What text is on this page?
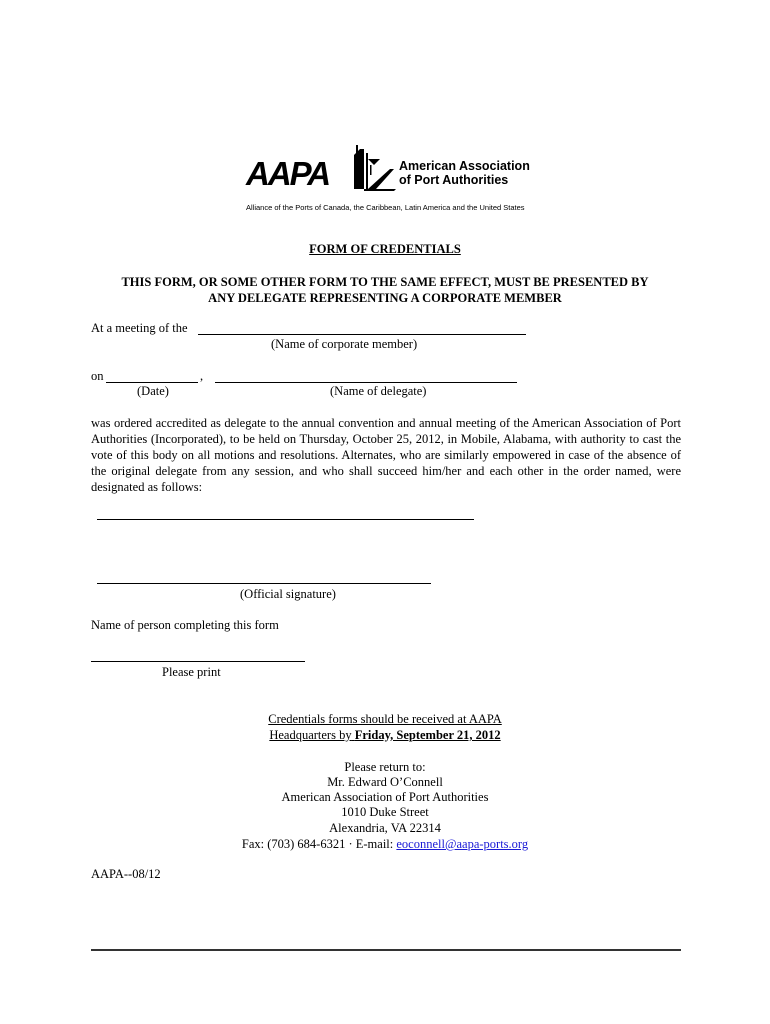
AAPA	American Association
of Port Authorities
Alliance of the Ports of Canada, the Caribbean, Latin America and the United States
FORM OF CREDENTIALS
THIS FORM, OR SOME OTHER FORM TO THE SAME EFFECT, MUST BE PRESENTED BY
ANY DELEGATE REPRESENTING A CORPORATE MEMBER
At a meeting of the
(Name of corporate member)
on	,
(Date)	(Name of delegate)
was ordered accredited as delegate to the annual convention and annual meeting of the American Association of Port Authorities (Incorporated), to be held on Thursday, October 25, 2012, in Mobile, Alabama, with authority to cast the vote of this body on all motions and resolutions. Alternates, who are similarly empowered in case of the absence of the original delegate from any session, and who shall succeed him/her and each other in the order named, were designated as follows:
(Official signature)
Name of person completing this form
Please print
Credentials forms should be received at AAPA
Headquarters by Friday, September 21, 2012
Please return to:
Mr. Edward O’Connell
American Association of Port Authorities
1010 Duke Street
Alexandria, VA 22314
Fax: (703) 684-6321 · E-mail: eoconnell@aapa-ports.org
AAPA--08/12
